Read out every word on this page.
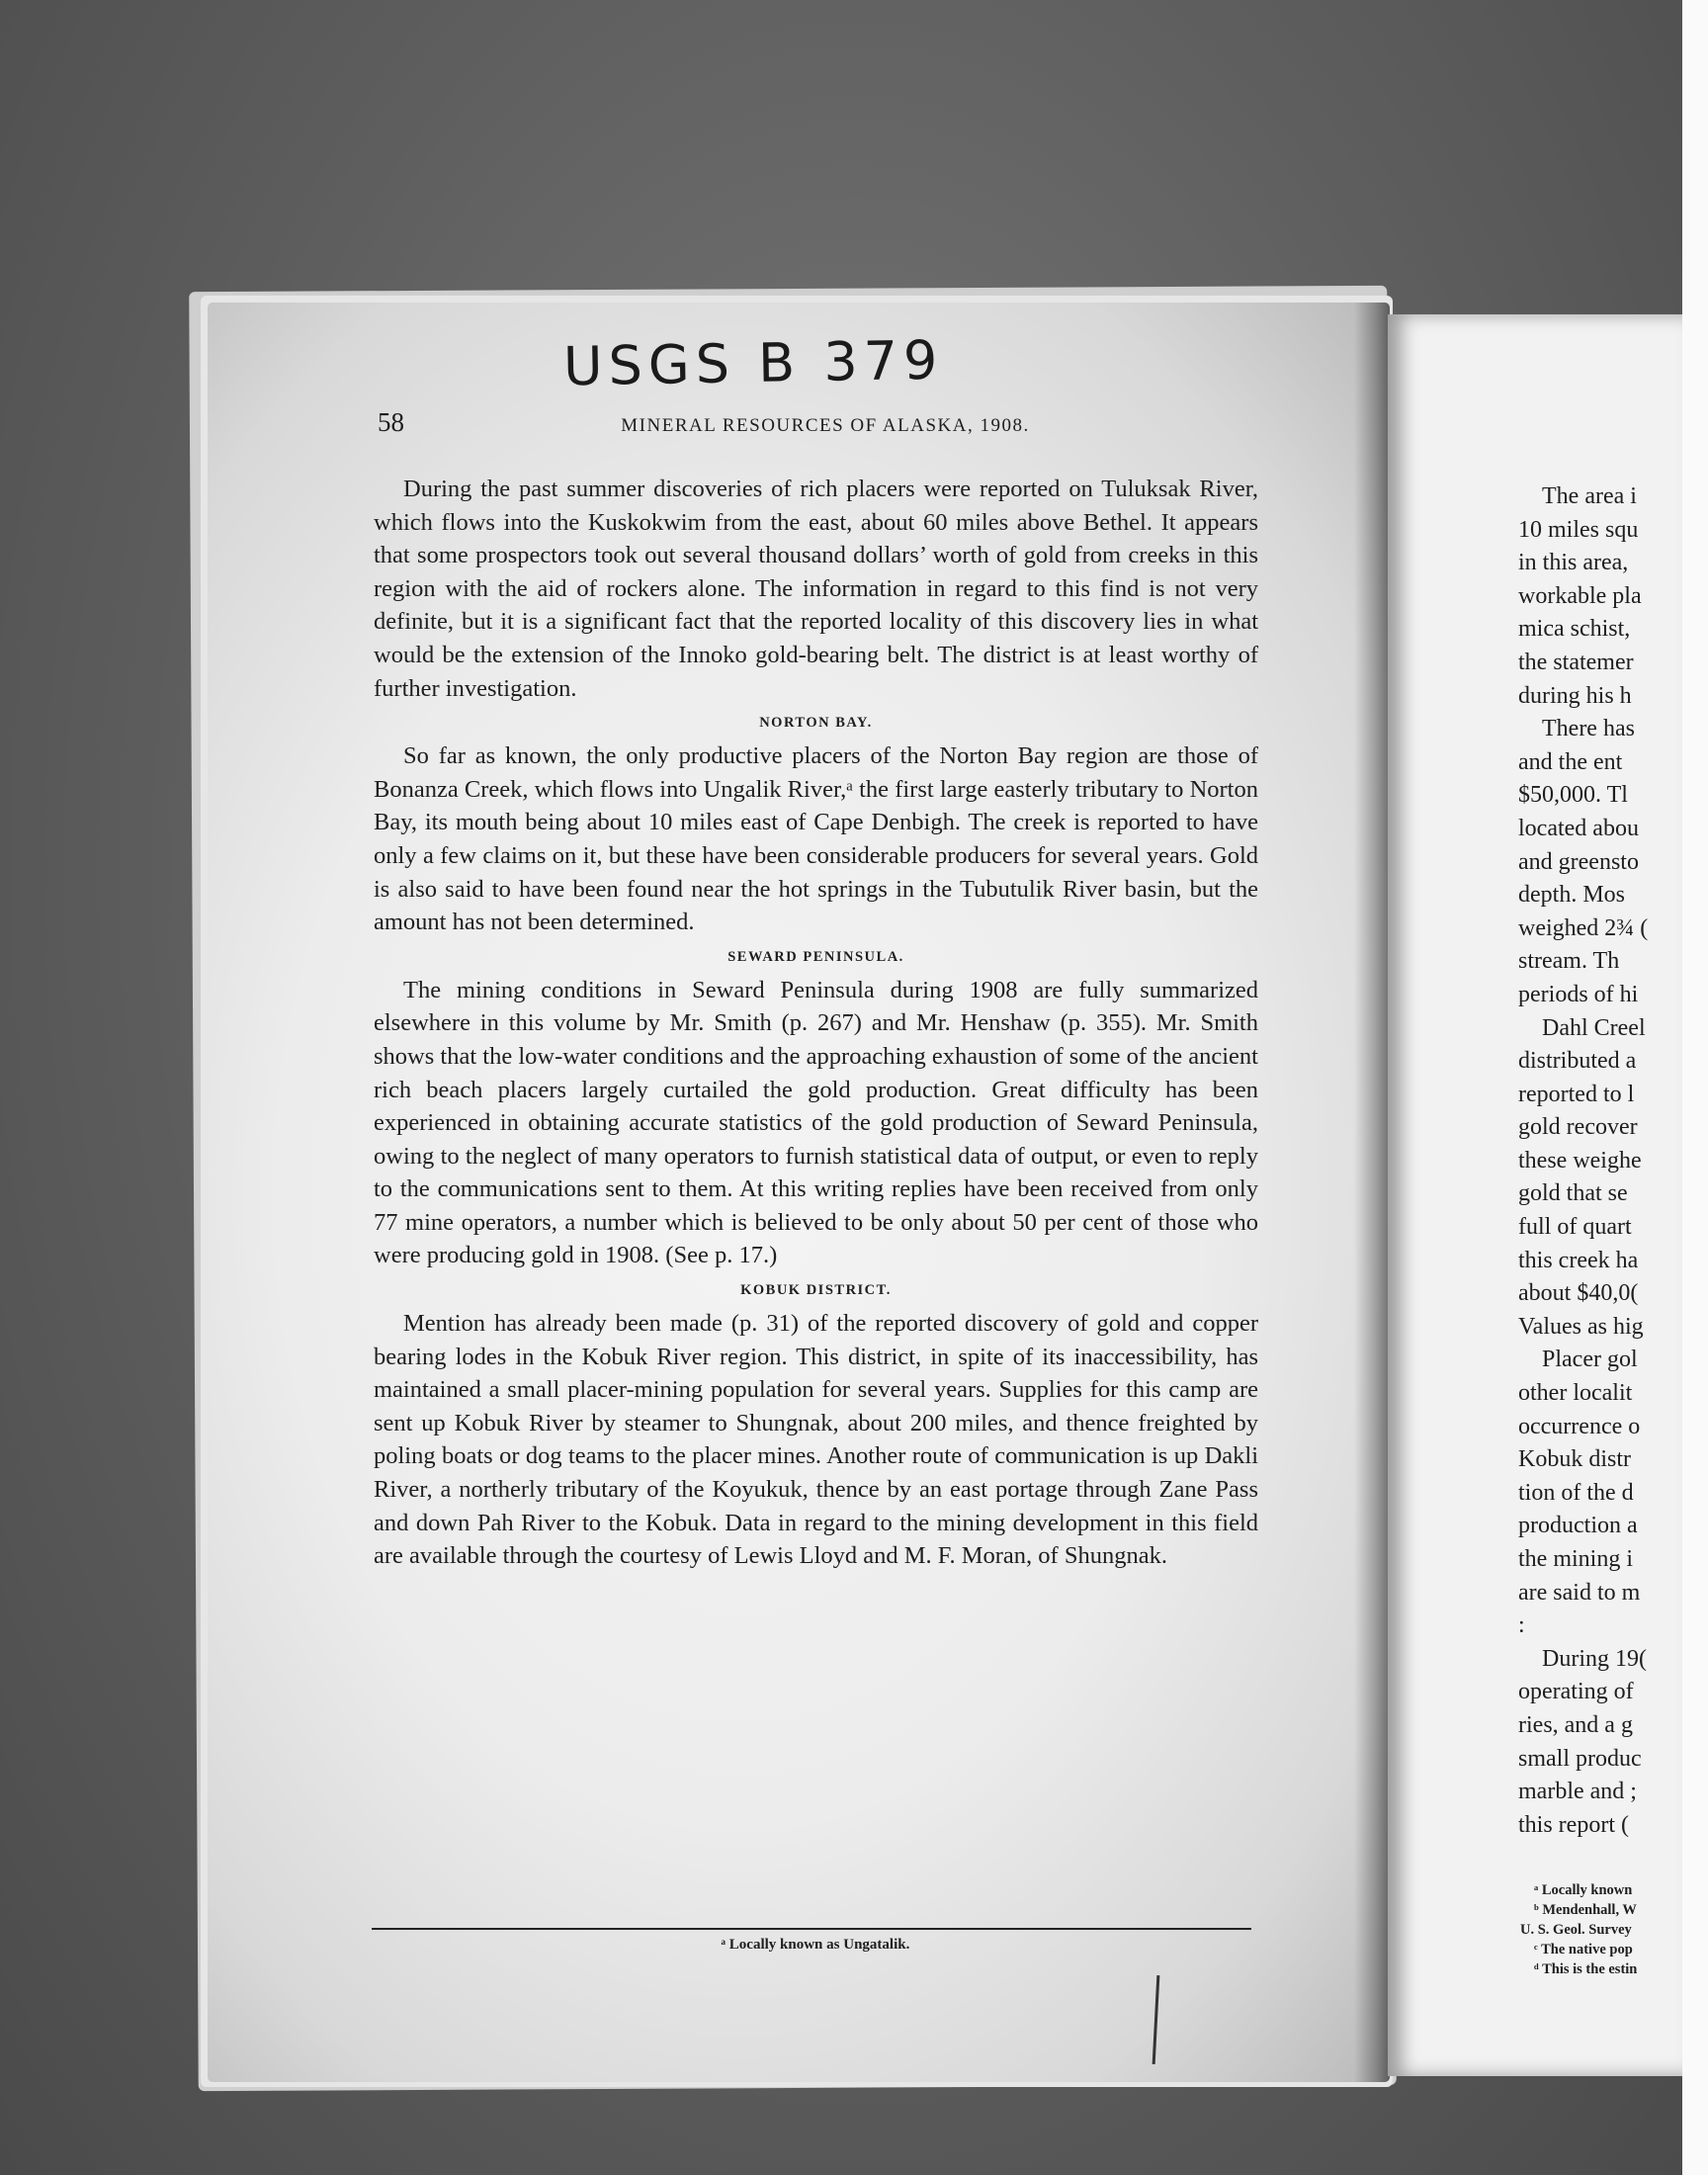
USGS B 379
58	MINERAL RESOURCES OF ALASKA, 1908.

During the past summer discoveries of rich placers were reported on Tuluksak River, which flows into the Kuskokwim from the east, about 60 miles above Bethel. It appears that some prospectors took out several thousand dollars’ worth of gold from creeks in this region with the aid of rockers alone. The information in regard to this find is not very definite, but it is a significant fact that the reported locality of this discovery lies in what would be the extension of the Innoko gold-bearing belt. The district is at least worthy of further investigation.

NORTON BAY.

So far as known, the only productive placers of the Norton Bay region are those of Bonanza Creek, which flows into Ungalik River,ᵃ the first large easterly tributary to Norton Bay, its mouth being about 10 miles east of Cape Denbigh. The creek is reported to have only a few claims on it, but these have been considerable producers for several years. Gold is also said to have been found near the hot springs in the Tubutulik River basin, but the amount has not been determined.

SEWARD PENINSULA.

The mining conditions in Seward Peninsula during 1908 are fully summarized elsewhere in this volume by Mr. Smith (p. 267) and Mr. Henshaw (p. 355). Mr. Smith shows that the low-water conditions and the approaching exhaustion of some of the ancient rich beach placers largely curtailed the gold production. Great difficulty has been experienced in obtaining accurate statistics of the gold production of Seward Peninsula, owing to the neglect of many operators to furnish statistical data of output, or even to reply to the communications sent to them. At this writing replies have been received from only 77 mine operators, a number which is believed to be only about 50 per cent of those who were producing gold in 1908. (See p. 17.)

KOBUK DISTRICT.

Mention has already been made (p. 31) of the reported discovery of gold and copper bearing lodes in the Kobuk River region. This district, in spite of its inaccessibility, has maintained a small placer-mining population for several years. Supplies for this camp are sent up Kobuk River by steamer to Shungnak, about 200 miles, and thence freighted by poling boats or dog teams to the placer mines. Another route of communication is up Dakli River, a northerly tributary of the Koyukuk, thence by an east portage through Zane Pass and down Pah River to the Kobuk. Data in regard to the mining development in this field are available through the courtesy of Lewis Lloyd and M. F. Moran, of Shungnak.

ᵃ Locally known as Ungatalik.
The area i
10 miles squ
in this area,
workable pla
mica schist,
the statemer
during his h
There has
and the ent
$50,000. Tl
located abou
and greensto
depth. Mos
weighed 2¾ (
stream. Th
periods of hi
Dahl Creel
distributed a
reported to l
gold recover
these weighe
gold that se
full of quart
this creek ha
about $40,0(
Values as hig
Placer gol
other localit
occurrence o
Kobuk distr
tion of the d
production a
the mining i
are said to m
:
During 19(
operating of
ries, and a g
small produc
marble and ;
this report (
ᵃ Locally known
ᵇ Mendenhall, W
U. S. Geol. Survey
ᶜ The native pop
ᵈ This is the estin
